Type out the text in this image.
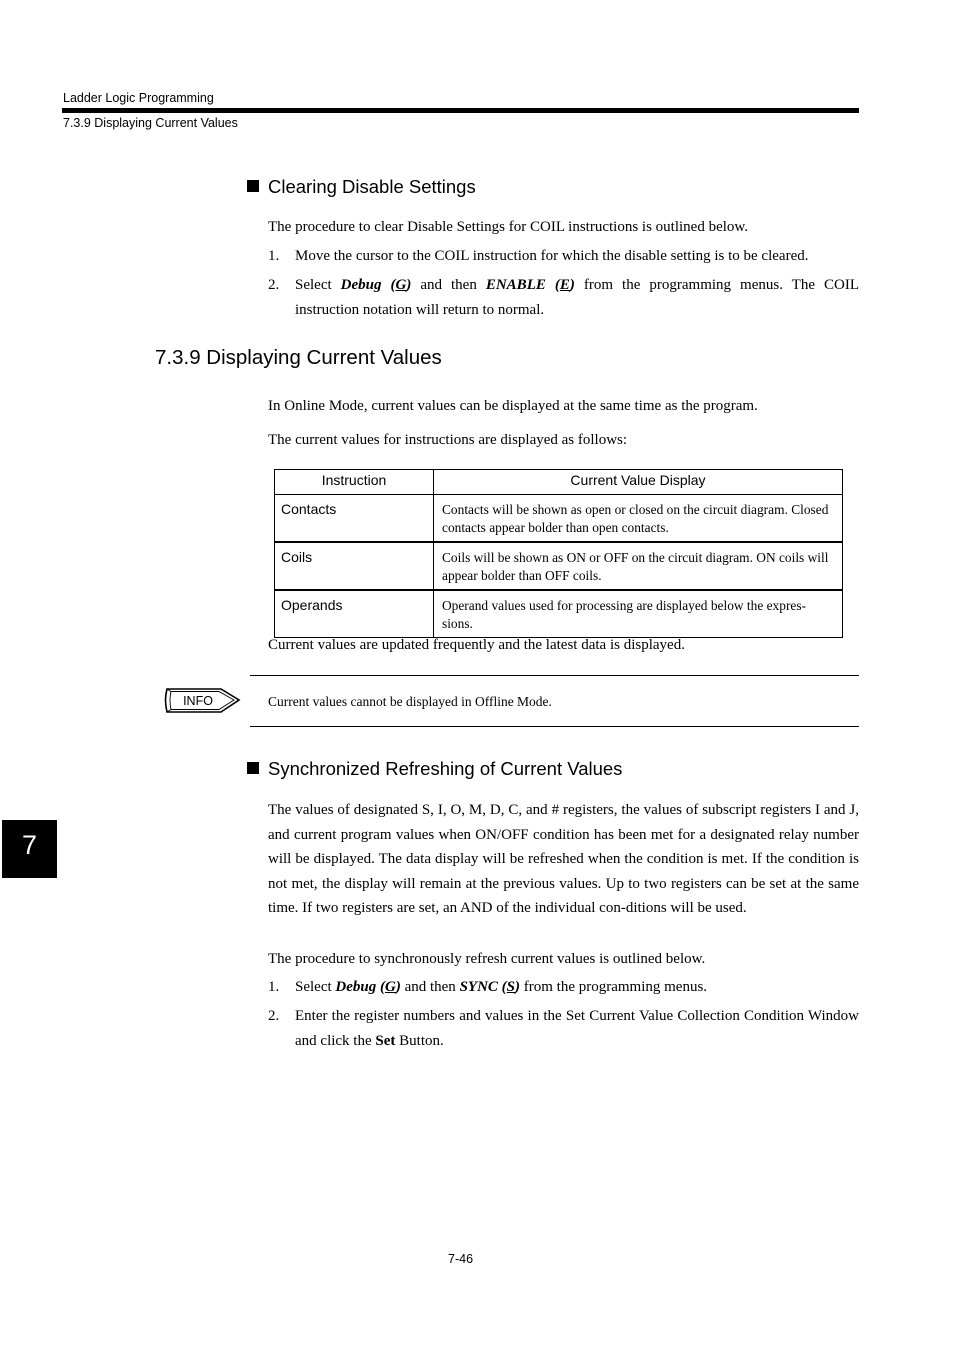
Ladder Logic Programming
7.3.9 Displaying Current Values
Clearing Disable Settings
The procedure to clear Disable Settings for COIL instructions is outlined below.
1. Move the cursor to the COIL instruction for which the disable setting is to be cleared.
2. Select Debug (G) and then ENABLE (E) from the programming menus. The COIL instruction notation will return to normal.
7.3.9 Displaying Current Values
In Online Mode, current values can be displayed at the same time as the program.
The current values for instructions are displayed as follows:
Instruction	Current Value Display
Contacts	Contacts will be shown as open or closed on the circuit diagram. Closed contacts appear bolder than open contacts.
Coils	Coils will be shown as ON or OFF on the circuit diagram. ON coils will appear bolder than OFF coils.
Operands	Operand values used for processing are displayed below the expres-sions.
Current values are updated frequently and the latest data is displayed.
INFO	Current values cannot be displayed in Offline Mode.
Synchronized Refreshing of Current Values
The values of designated S, I, O, M, D, C, and # registers, the values of subscript registers I and J, and current program values when ON/OFF condition has been met for a designated relay number will be displayed. The data display will be refreshed when the condition is met. If the condition is not met, the display will remain at the previous values. Up to two registers can be set at the same time. If two registers are set, an AND of the individual con-ditions will be used.
The procedure to synchronously refresh current values is outlined below.
1. Select Debug (G) and then SYNC (S) from the programming menus.
2. Enter the register numbers and values in the Set Current Value Collection Condition Window and click the Set Button.
7
7-46
